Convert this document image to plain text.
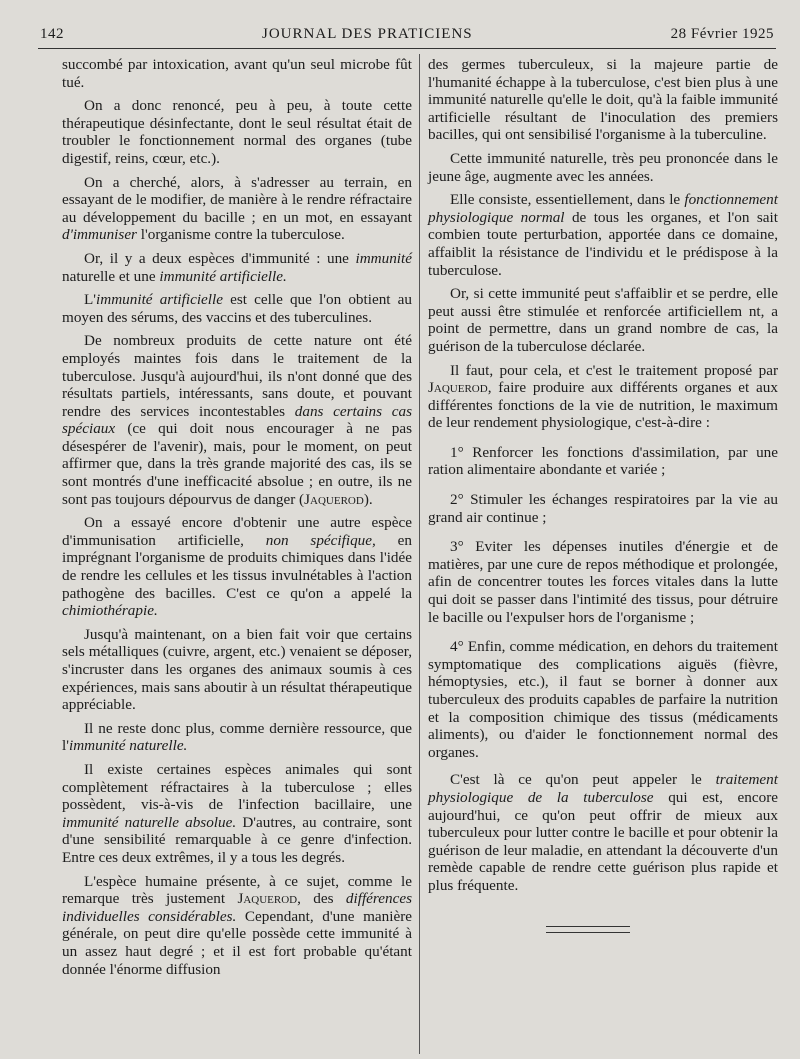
142	JOURNAL DES PRATICIENS	28 Février 1925

succombé par intoxication, avant qu'un seul microbe fût tué.

On a donc renoncé, peu à peu, à toute cette thérapeutique désinfectante, dont le seul résultat était de troubler le fonctionnement normal des organes (tube digestif, reins, cœur, etc.).

On a cherché, alors, à s'adresser au terrain, en essayant de le modifier, de manière à le rendre réfractaire au développement du bacille ; en un mot, en essayant d'immuniser l'organisme contre la tuberculose.

Or, il y a deux espèces d'immunité : une immunité naturelle et une immunité artificielle.

L'immunité artificielle est celle que l'on obtient au moyen des sérums, des vaccins et des tuberculines.

De nombreux produits de cette nature ont été employés maintes fois dans le traitement de la tuberculose. Jusqu'à aujourd'hui, ils n'ont donné que des résultats partiels, intéressants, sans doute, et pouvant rendre des services incontestables dans certains cas spéciaux (ce qui doit nous encourager à ne pas désespérer de l'avenir), mais, pour le moment, on peut affirmer que, dans la très grande majorité des cas, ils se sont montrés d'une inefficacité absolue ; en outre, ils ne sont pas toujours dépourvus de danger (Jaquerod).

On a essayé encore d'obtenir une autre espèce d'immunisation artificielle, non spécifique, en imprégnant l'organisme de produits chimiques dans l'idée de rendre les cellules et les tissus invulnétables à l'action pathogène des bacilles. C'est ce qu'on a appelé la chimiothérapie.

Jusqu'à maintenant, on a bien fait voir que certains sels métalliques (cuivre, argent, etc.) venaient se déposer, s'incruster dans les organes des animaux soumis à ces expériences, mais sans aboutir à un résultat thérapeutique appréciable.

Il ne reste donc plus, comme dernière ressource, que l'immunité naturelle.

Il existe certaines espèces animales qui sont complètement réfractaires à la tuberculose ; elles possèdent, vis-à-vis de l'infection bacillaire, une immunité naturelle absolue. D'autres, au contraire, sont d'une sensibilité remarquable à ce genre d'infection. Entre ces deux extrêmes, il y a tous les degrés.

L'espèce humaine présente, à ce sujet, comme le remarque très justement Jaquerod, des différences individuelles considérables. Cependant, d'une manière générale, on peut dire qu'elle possède cette immunité à un assez haut degré ; et il est fort probable qu'étant donnée l'énorme diffusion

des germes tuberculeux, si la majeure partie de l'humanité échappe à la tuberculose, c'est bien plus à une immunité naturelle qu'elle le doit, qu'à la faible immunité artificielle résultant de l'inoculation des premiers bacilles, qui ont sensibilisé l'organisme à la tuberculine.

Cette immunité naturelle, très peu prononcée dans le jeune âge, augmente avec les années.

Elle consiste, essentiellement, dans le fonctionnement physiologique normal de tous les organes, et l'on sait combien toute perturbation, apportée dans ce domaine, affaiblit la résistance de l'individu et le prédispose à la tuberculose.

Or, si cette immunité peut s'affaiblir et se perdre, elle peut aussi être stimulée et renforcée artificiellem nt, a point de permettre, dans un grand nombre de cas, la guérison de la tuberculose déclarée.

Il faut, pour cela, et c'est le traitement proposé par Jaquerod, faire produire aux différents organes et aux différentes fonctions de la vie de nutrition, le maximum de leur rendement physiologique, c'est-à-dire :

1° Renforcer les fonctions d'assimilation, par une ration alimentaire abondante et variée ;

2° Stimuler les échanges respiratoires par la vie au grand air continue ;

3° Eviter les dépenses inutiles d'énergie et de matières, par une cure de repos méthodique et prolongée, afin de concentrer toutes les forces vitales dans la lutte qui doit se passer dans l'intimité des tissus, pour détruire le bacille ou l'expulser hors de l'organisme ;

4° Enfin, comme médication, en dehors du traitement symptomatique des complications aiguës (fièvre, hémoptysies, etc.), il faut se borner à donner aux tuberculeux des produits capables de parfaire la nutrition et la composition chimique des tissus (médicaments aliments), ou d'aider le fonctionnement normal des organes.

C'est là ce qu'on peut appeler le traitement physiologique de la tuberculose qui est, encore aujourd'hui, ce qu'on peut offrir de mieux aux tuberculeux pour lutter contre le bacille et pour obtenir la guérison de leur maladie, en attendant la découverte d'un remède capable de rendre cette guérison plus rapide et plus fréquente.
